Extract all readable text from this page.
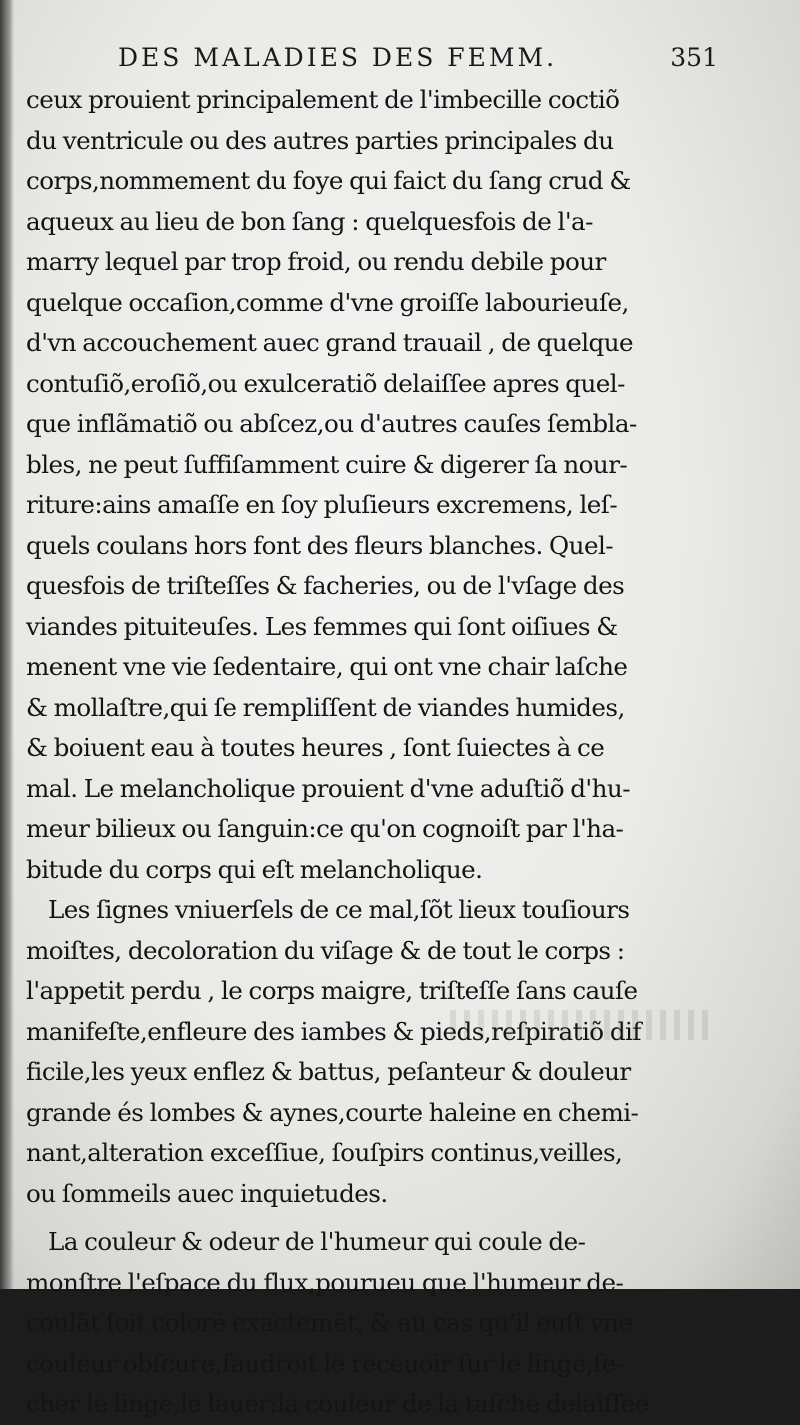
DES MALADIES DES FEMM.	351
ceux prouient principalement de l'imbecille coctiõ
du ventricule ou des autres parties principales du
corps,nommement du foye qui faict du ſang crud &
aqueux au lieu de bon ſang : quelquesfois de l'a-
marry lequel par trop froid, ou rendu debile pour
quelque occaſion,comme d'vne groiſſe labourieuſe,
d'vn accouchement auec grand trauail , de quelque
contuſiõ,eroſiõ,ou exulceratiõ delaiſſee apres quel-
que inflãmatiõ ou abſcez,ou d'autres cauſes ſembla-
bles, ne peut ſuffiſamment cuire & digerer ſa nour-
riture:ains amaſſe en ſoy pluſieurs excremens, leſ-
quels coulans hors font des fleurs blanches. Quel-
quesfois de triſteſſes & facheries, ou de l'vſage des
viandes pituiteuſes. Les femmes qui ſont oiſiues &
menent vne vie ſedentaire, qui ont vne chair laſche
& mollaſtre,qui ſe rempliſſent de viandes humides,
& boiuent eau à toutes heures , ſont ſuiectes à ce
mal. Le melancholique prouient d'vne aduſtiõ d'hu-
meur bilieux ou ſanguin:ce qu'on cognoiſt par l'ha-
bitude du corps qui eſt melancholique.
Les ſignes vniuerſels de ce mal,ſõt lieux touſiours
moiſtes, decoloration du viſage & de tout le corps :
l'appetit perdu , le corps maigre, triſteſſe ſans cauſe
manifeſte,enfleure des iambes & pieds,reſpiratiõ dif
ficile,les yeux enflez & battus, peſanteur & douleur
grande és lombes & aynes,courte haleine en chemi-
nant,alteration exceſſiue, ſouſpirs continus,veilles,
ou ſommeils auec inquietudes.
La couleur & odeur de l'humeur qui coule de-
monſtre l'eſpace du flux,pourueu que l'humeur de-
coulãt ſoit coloré exactemẽt, & au cas qu'il euſt vne
couleur obſcure,faudroit le receuoir ſur le linge,ſe-
cher le linge,le lauer:la couleur de la taſche delaiſſee
